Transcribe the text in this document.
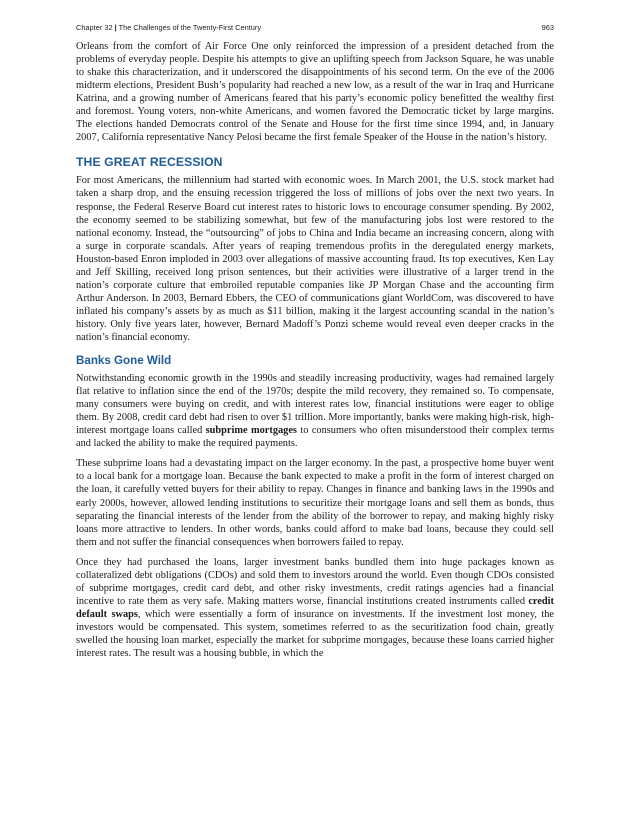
Chapter 32 | The Challenges of the Twenty-First Century	963

Orleans from the comfort of Air Force One only reinforced the impression of a president detached from the problems of everyday people. Despite his attempts to give an uplifting speech from Jackson Square, he was unable to shake this characterization, and it underscored the disappointments of his second term. On the eve of the 2006 midterm elections, President Bush’s popularity had reached a new low, as a result of the war in Iraq and Hurricane Katrina, and a growing number of Americans feared that his party’s economic policy benefitted the wealthy first and foremost. Young voters, non-white Americans, and women favored the Democratic ticket by large margins. The elections handed Democrats control of the Senate and House for the first time since 1994, and, in January 2007, California representative Nancy Pelosi became the first female Speaker of the House in the nation’s history.

THE GREAT RECESSION

For most Americans, the millennium had started with economic woes. In March 2001, the U.S. stock market had taken a sharp drop, and the ensuing recession triggered the loss of millions of jobs over the next two years. In response, the Federal Reserve Board cut interest rates to historic lows to encourage consumer spending. By 2002, the economy seemed to be stabilizing somewhat, but few of the manufacturing jobs lost were restored to the national economy. Instead, the “outsourcing” of jobs to China and India became an increasing concern, along with a surge in corporate scandals. After years of reaping tremendous profits in the deregulated energy markets, Houston-based Enron imploded in 2003 over allegations of massive accounting fraud. Its top executives, Ken Lay and Jeff Skilling, received long prison sentences, but their activities were illustrative of a larger trend in the nation’s corporate culture that embroiled reputable companies like JP Morgan Chase and the accounting firm Arthur Anderson. In 2003, Bernard Ebbers, the CEO of communications giant WorldCom, was discovered to have inflated his company’s assets by as much as $11 billion, making it the largest accounting scandal in the nation’s history. Only five years later, however, Bernard Madoff’s Ponzi scheme would reveal even deeper cracks in the nation’s financial economy.

Banks Gone Wild

Notwithstanding economic growth in the 1990s and steadily increasing productivity, wages had remained largely flat relative to inflation since the end of the 1970s; despite the mild recovery, they remained so. To compensate, many consumers were buying on credit, and with interest rates low, financial institutions were eager to oblige them. By 2008, credit card debt had risen to over $1 trillion. More importantly, banks were making high-risk, high-interest mortgage loans called subprime mortgages to consumers who often misunderstood their complex terms and lacked the ability to make the required payments.

These subprime loans had a devastating impact on the larger economy. In the past, a prospective home buyer went to a local bank for a mortgage loan. Because the bank expected to make a profit in the form of interest charged on the loan, it carefully vetted buyers for their ability to repay. Changes in finance and banking laws in the 1990s and early 2000s, however, allowed lending institutions to securitize their mortgage loans and sell them as bonds, thus separating the financial interests of the lender from the ability of the borrower to repay, and making highly risky loans more attractive to lenders. In other words, banks could afford to make bad loans, because they could sell them and not suffer the financial consequences when borrowers failed to repay.

Once they had purchased the loans, larger investment banks bundled them into huge packages known as collateralized debt obligations (CDOs) and sold them to investors around the world. Even though CDOs consisted of subprime mortgages, credit card debt, and other risky investments, credit ratings agencies had a financial incentive to rate them as very safe. Making matters worse, financial institutions created instruments called credit default swaps, which were essentially a form of insurance on investments. If the investment lost money, the investors would be compensated. This system, sometimes referred to as the securitization food chain, greatly swelled the housing loan market, especially the market for subprime mortgages, because these loans carried higher interest rates. The result was a housing bubble, in which the
